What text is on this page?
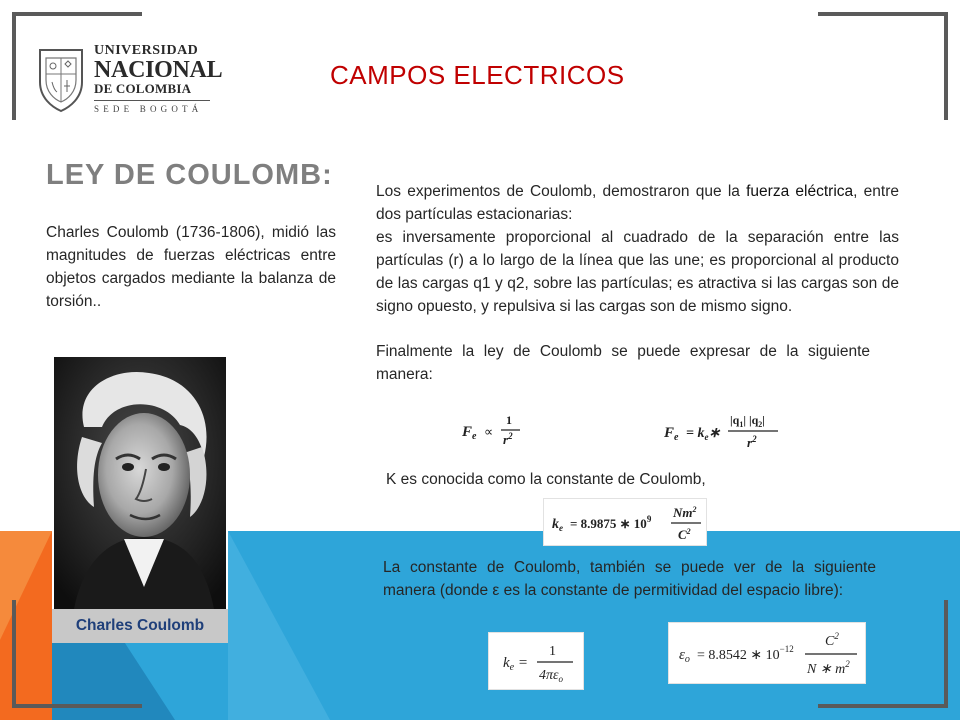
UNIVERSIDAD
NACIONAL
DE COLOMBIA
SEDE BOGOTÁ
CAMPOS ELECTRICOS
LEY DE COULOMB:

Charles Coulomb (1736-1806), midió las magnitudes de fuerzas eléctricas entre objetos cargados mediante la balanza de torsión..

Charles Coulomb
Los experimentos de Coulomb, demostraron que la fuerza eléctrica, entre dos partículas estacionarias:
es inversamente proporcional al cuadrado de la separación entre las partículas (r) a lo largo de la línea que las une; es proporcional al producto de las cargas q1 y q2, sobre las partículas; es atractiva si las cargas son de signo opuesto, y repulsiva si las cargas son de mismo signo.

Finalmente la ley de Coulomb se puede expresar de la siguiente manera:

K es conocida como la constante de Coulomb,

La constante de Coulomb, también se puede ver de la siguiente manera (donde ε es la constante de permitividad del espacio libre):

$F_e$ ∝
1
$r^2$	$F_e$ = $k_e∗$
$|q_1|$ $|q_2|$
$r^2$
$k_e = 8.9875$ ∗ $10^9$ Nm$^2$
$C^2$
$k_e$ =
1
$4\pi\varepsilon_o$
$\varepsilon_o = 8.8542$ ∗ $10^{-12}$ $C^2$
N ∗ $m^2$
